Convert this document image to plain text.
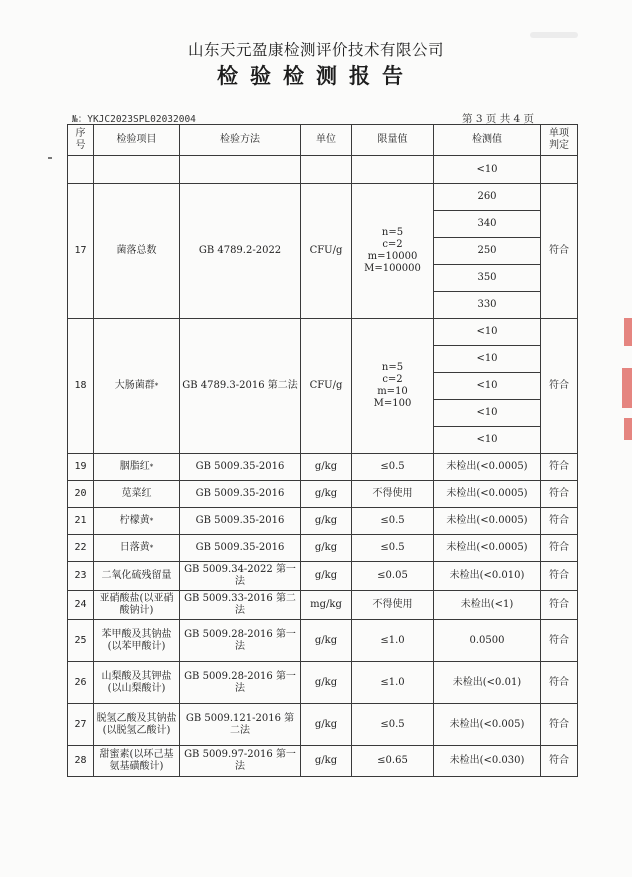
山东天元盈康检测评价技术有限公司
检验检测报告
№：YKJC2023SPL02032004	第 3 页 共 4 页
序
号	检验项目	检验方法	单位	限量值	检测值	单项
判定
					<10	
17	菌落总数	GB 4789.2-2022	CFU/g	n=5
c=2
m=10000
M=100000	260	符合
					340	
					250	
					350	
					330	
18	大肠菌群*	GB 4789.3-2016 第二法	CFU/g	n=5
c=2
m=10
M=100	<10	符合
					<10	
					<10	
					<10	
					<10	
19	胭脂红*	GB 5009.35-2016	g/kg	≤0.5	未检出(<0.0005)	符合
20	苋菜红	GB 5009.35-2016	g/kg	不得使用	未检出(<0.0005)	符合
21	柠檬黄*	GB 5009.35-2016	g/kg	≤0.5	未检出(<0.0005)	符合
22	日落黄*	GB 5009.35-2016	g/kg	≤0.5	未检出(<0.0005)	符合
23	二氧化硫残留量	GB 5009.34-2022 第一法	g/kg	≤0.05	未检出(<0.010)	符合
24	亚硝酸盐(以亚硝酸钠计)	GB 5009.33-2016 第二法	mg/kg	不得使用	未检出(<1)	符合
25	苯甲酸及其钠盐(以苯甲酸计)	GB 5009.28-2016 第一法	g/kg	≤1.0	0.0500	符合
26	山梨酸及其钾盐(以山梨酸计)	GB 5009.28-2016 第一法	g/kg	≤1.0	未检出(<0.01)	符合
27	脱氢乙酸及其钠盐(以脱氢乙酸计)	GB 5009.121-2016 第二法	g/kg	≤0.5	未检出(<0.005)	符合
28	甜蜜素(以环己基氨基磺酸计)	GB 5009.97-2016 第一法	g/kg	≤0.65	未检出(<0.030)	符合
